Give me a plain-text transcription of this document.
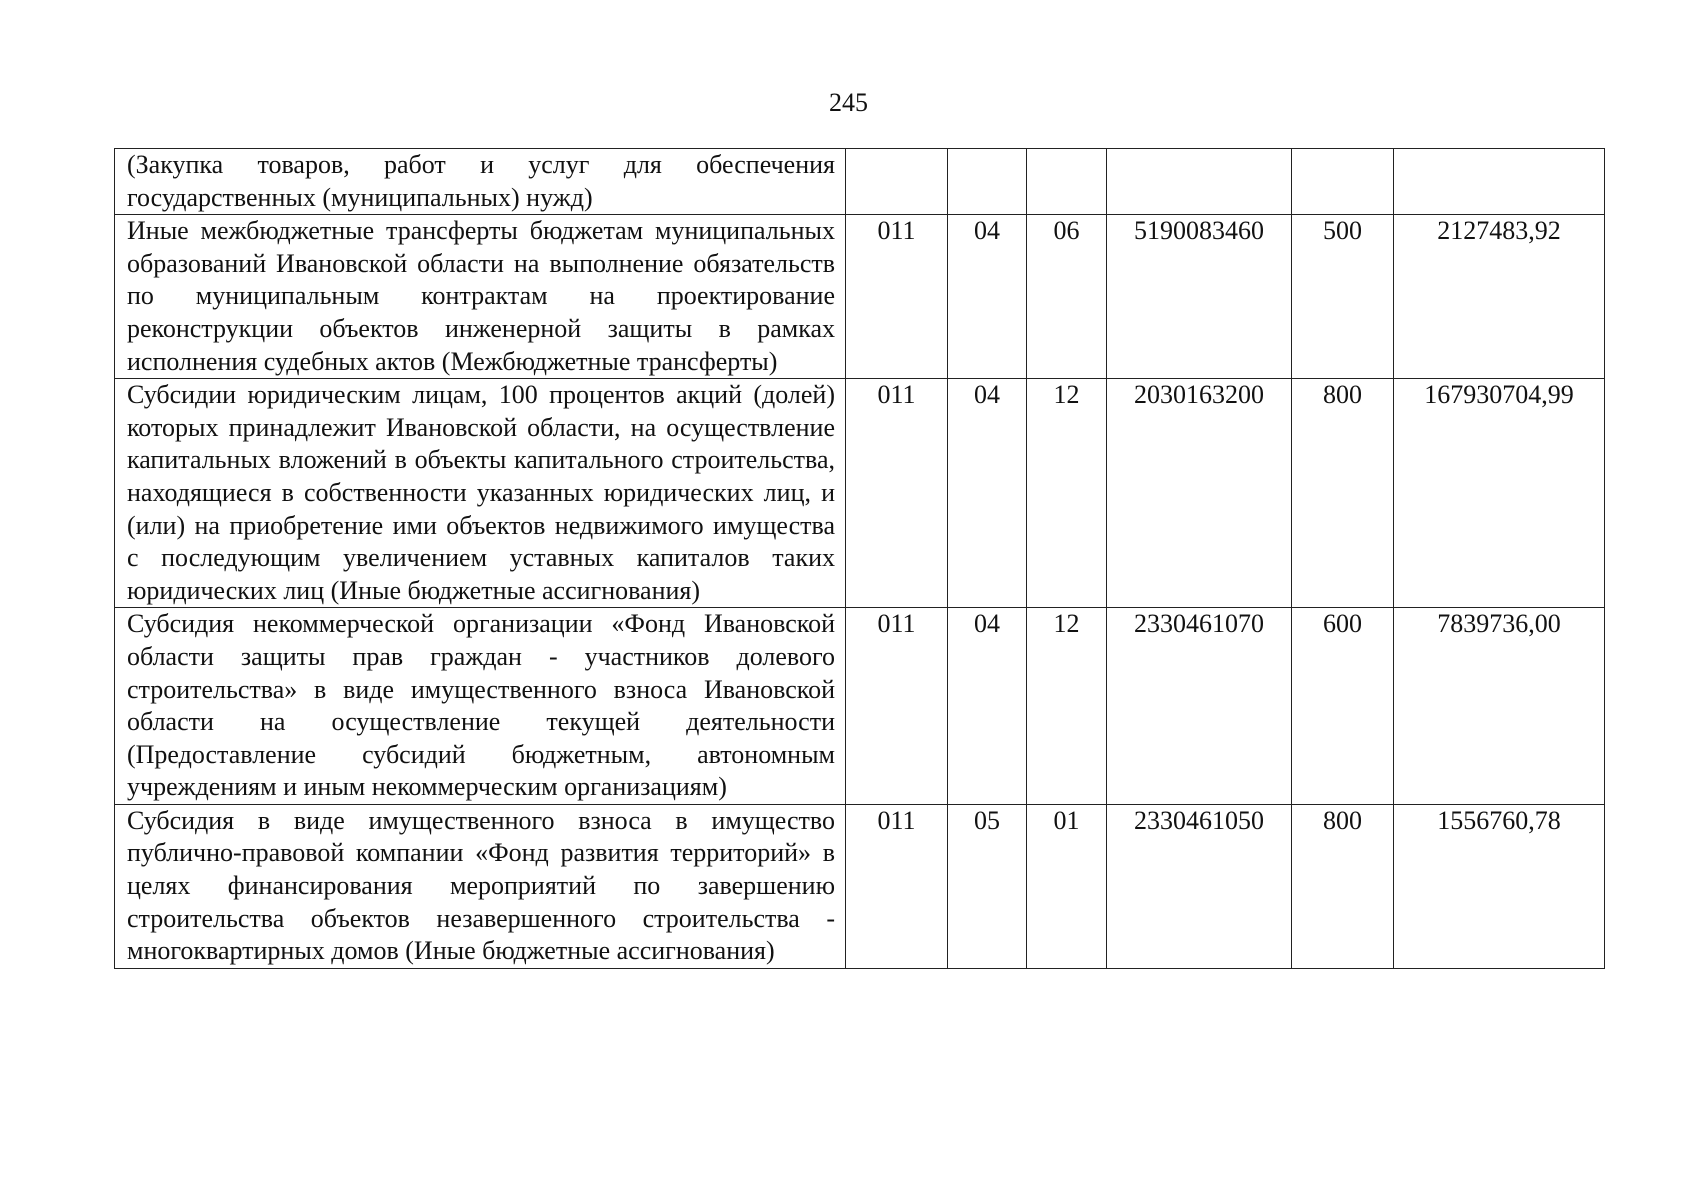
245
(Закупка товаров, работ и услуг для обеспечения государственных (муниципальных) нужд)						
Иные межбюджетные трансферты бюджетам муниципальных образований Ивановской области на выполнение обязательств по муниципальным контрактам на проектирование реконструкции объектов инженерной защиты в рамках исполнения судебных актов (Межбюджетные трансферты)	011	04	06	5190083460	500	2127483,92
Субсидии юридическим лицам, 100 процентов акций (долей) которых принадлежит Ивановской области, на осуществление капитальных вложений в объекты капитального строительства, находящиеся в собственности указанных юридических лиц, и (или) на приобретение ими объектов недвижимого имущества с последующим увеличением уставных капиталов таких юридических лиц (Иные бюджетные ассигнования)	011	04	12	2030163200	800	167930704,99
Субсидия некоммерческой организации «Фонд Ивановской области защиты прав граждан - участников долевого строительства» в виде имущественного взноса Ивановской области на осуществление текущей деятельности (Предоставление субсидий бюджетным, автономным учреждениям и иным некоммерческим организациям)	011	04	12	2330461070	600	7839736,00
Субсидия в виде имущественного взноса в имущество публично-правовой компании «Фонд развития территорий» в целях финансирования мероприятий по завершению строительства объектов незавершенного строительства - многоквартирных домов (Иные бюджетные ассигнования)	011	05	01	2330461050	800	1556760,78
